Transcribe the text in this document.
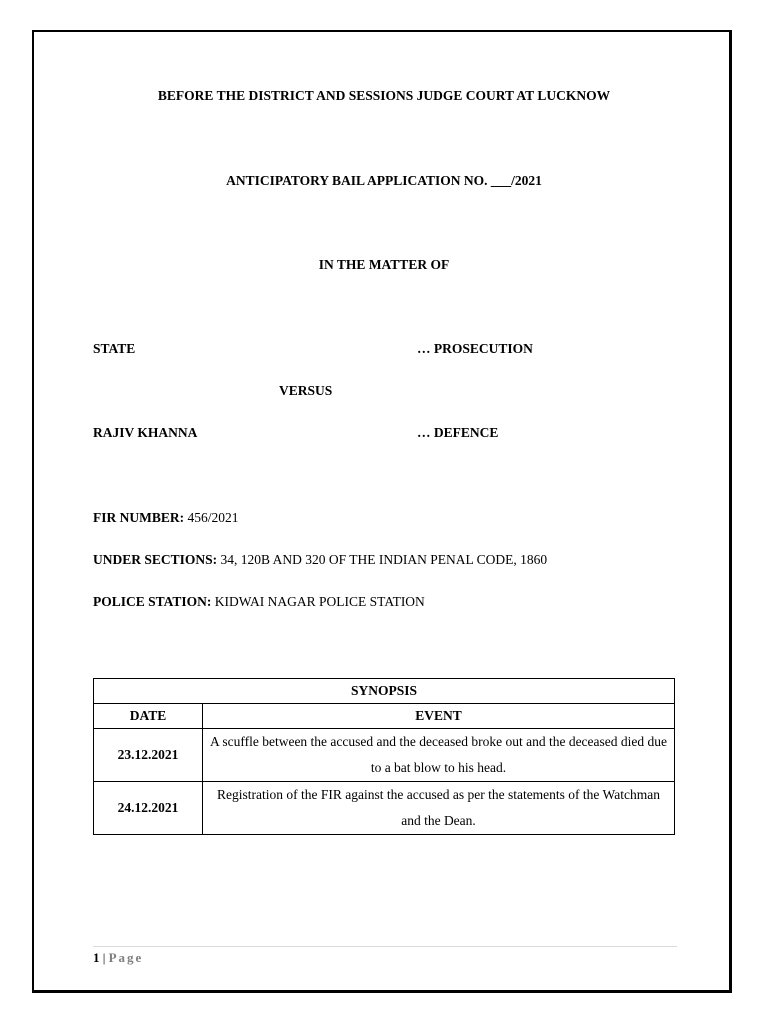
BEFORE THE DISTRICT AND SESSIONS JUDGE COURT AT LUCKNOW
ANTICIPATORY BAIL APPLICATION NO. ___/2021
IN THE MATTER OF
STATE	… PROSECUTION
VERSUS
RAJIV KHANNA	… DEFENCE
FIR NUMBER: 456/2021
UNDER SECTIONS: 34, 120B AND 320 OF THE INDIAN PENAL CODE, 1860
POLICE STATION: KIDWAI NAGAR POLICE STATION
SYNOPSIS	
DATE	EVENT
23.12.2021	A scuffle between the accused and the deceased broke out and the deceased died due to a bat blow to his head.
24.12.2021	Registration of the FIR against the accused as per the statements of the Watchman and the Dean.
1 | Page
